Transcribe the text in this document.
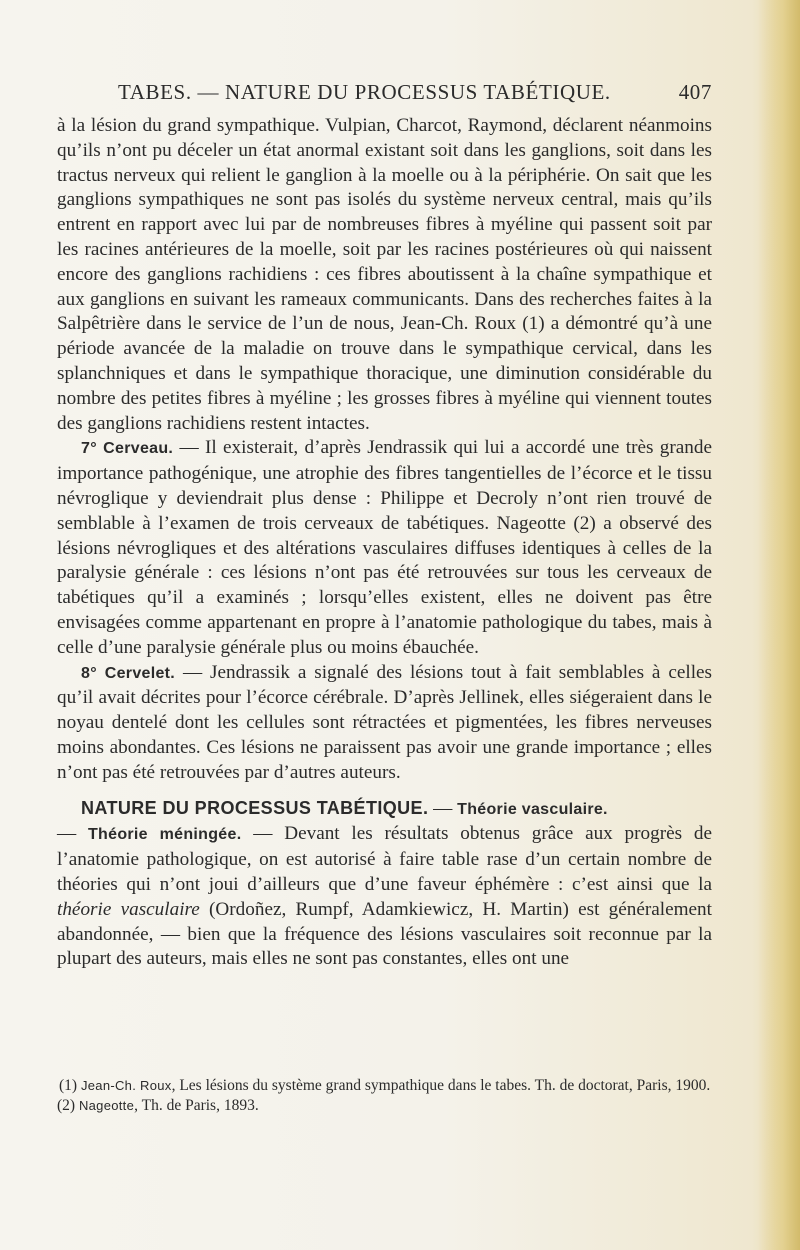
TABES. — NATURE DU PROCESSUS TABÉTIQUE.	407

à la lésion du grand sympathique. Vulpian, Charcot, Raymond, déclarent néanmoins qu’ils n’ont pu déceler un état anormal existant soit dans les ganglions, soit dans les tractus nerveux qui relient le ganglion à la moelle ou à la périphérie. On sait que les ganglions sympathiques ne sont pas isolés du système nerveux central, mais qu’ils entrent en rapport avec lui par de nombreuses fibres à myéline qui passent soit par les racines antérieures de la moelle, soit par les racines postérieures où qui naissent encore des ganglions rachidiens : ces fibres aboutissent à la chaîne sympathique et aux ganglions en suivant les rameaux communicants. Dans des recherches faites à la Salpêtrière dans le service de l’un de nous, Jean-Ch. Roux (1) a démontré qu’à une période avancée de la maladie on trouve dans le sympathique cervical, dans les splanchniques et dans le sympathique thoracique, une diminution considérable du nombre des petites fibres à myéline ; les grosses fibres à myéline qui viennent toutes des ganglions rachidiens restent intactes.

7° Cerveau. — Il existerait, d’après Jendrassik qui lui a accordé une très grande importance pathogénique, une atrophie des fibres tangentielles de l’écorce et le tissu névroglique y deviendrait plus dense : Philippe et Decroly n’ont rien trouvé de semblable à l’examen de trois cerveaux de tabétiques. Nageotte (2) a observé des lésions névrogliques et des altérations vasculaires diffuses identiques à celles de la paralysie générale : ces lésions n’ont pas été retrouvées sur tous les cerveaux de tabétiques qu’il a examinés ; lorsqu’elles existent, elles ne doivent pas être envisagées comme appartenant en propre à l’anatomie pathologique du tabes, mais à celle d’une paralysie générale plus ou moins ébauchée.

8° Cervelet. — Jendrassik a signalé des lésions tout à fait semblables à celles qu’il avait décrites pour l’écorce cérébrale. D’après Jellinek, elles siégeraient dans le noyau dentelé dont les cellules sont rétractées et pigmentées, les fibres nerveuses moins abondantes. Ces lésions ne paraissent pas avoir une grande importance ; elles n’ont pas été retrouvées par d’autres auteurs.

NATURE DU PROCESSUS TABÉTIQUE. — Théorie vasculaire.
— Théorie méningée. — Devant les résultats obtenus grâce aux progrès de l’anatomie pathologique, on est autorisé à faire table rase d’un certain nombre de théories qui n’ont joui d’ailleurs que d’une faveur éphémère : c’est ainsi que la théorie vasculaire (Ordoñez, Rumpf, Adamkiewicz, H. Martin) est généralement abandonnée, — bien que la fréquence des lésions vasculaires soit reconnue par la plupart des auteurs, mais elles ne sont pas constantes, elles ont une

(1) Jean-Ch. Roux, Les lésions du système grand sympathique dans le tabes. Th. de doctorat, Paris, 1900.

(2) Nageotte, Th. de Paris, 1893.
